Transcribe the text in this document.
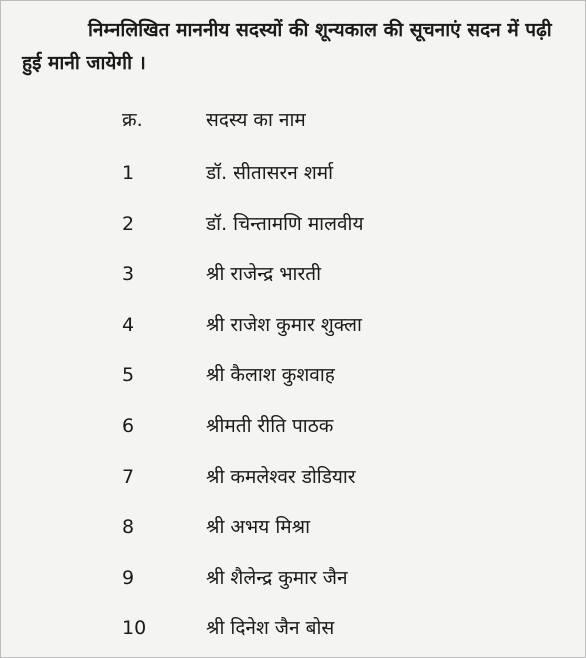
निम्नलिखित माननीय सदस्यों की शून्यकाल की सूचनाएं सदन में पढ़ी हुई मानी जायेगी ।

क्र.	सदस्य का नाम
1	डॉ. सीतासरन शर्मा
2	डॉ. चिन्तामणि मालवीय
3	श्री राजेन्द्र भारती
4	श्री राजेश कुमार शुक्ला
5	श्री कैलाश कुशवाह
6	श्रीमती रीति पाठक
7	श्री कमलेश्वर डोडियार
8	श्री अभय मिश्रा
9	श्री शैलेन्द्र कुमार जैन
10	श्री दिनेश जैन बोस
